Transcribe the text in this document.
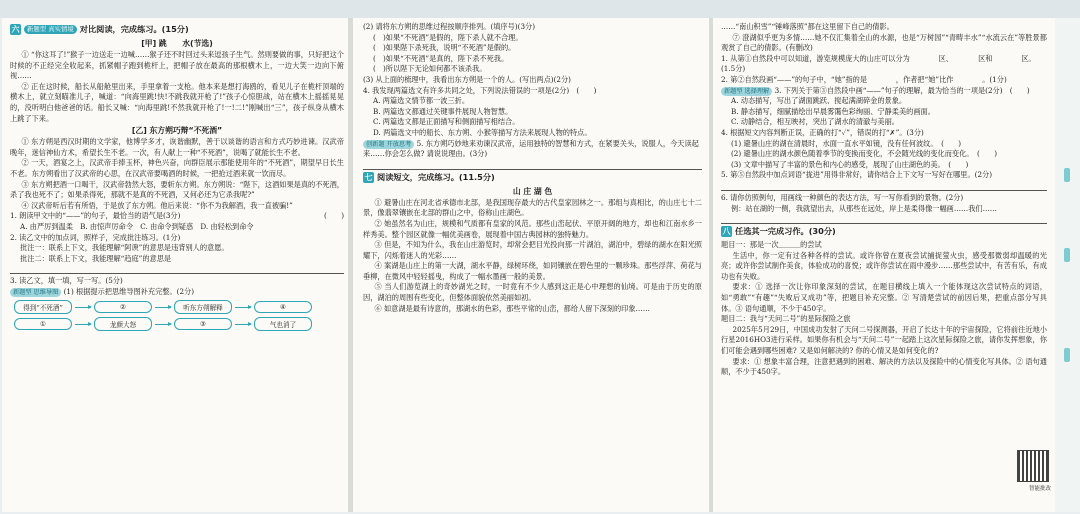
六	新题型 真实情境 对比阅读，完成练习。(15分)
[甲] 跳　　水(节选)

① “你这耳了!”猴子一边送走一边喊……猴子还不时回过头来逗孩子生气。然则要做的事，只好把这个时候的不正经完全收起来，抓紧帽子跑到桅杆上，把帽子放在最高的那根横木上，一边大笑一边向下俯视……

② 正在这时候，船长从船舱里出来，手里拿着一支枪。他本来是想打海鸥的，看见儿子在桅杆顶端的横木上，就立刻瞄准儿子，喊道：“向海里跳!快!不跳我就开枪了!”孩子心惊胆战，站在横木上摇摇晃晃的，没听明白他爸爸的话。船长又喊：“向海里跳!不然我就开枪了!一!二!”刚喊出“三”，孩子纵身从横木上跳了下来。

[乙] 东方朔巧辩“不死酒”

① 东方朔是西汉时期的文学家，他博学多才，诙谐幽默，善于以谈谐的语言和方式巧妙进谏。汉武帝晚年，迷信神仙方术，希望长生不老。一次，有人献上一种“不死酒”，说喝了就能长生不老。

② 一天，酒宴之上，汉武帝手捧玉杯，神色兴奋，向群臣展示那能使用年的“不死酒”，期望早日长生不老。东方朔看出了汉武帝的心思，在汉武帝要喝酒的时候，一把抢过酒来就一饮而尽。

③ 东方朔把酒一口喝干，汉武帝勃然大怒，要斩东方朔。东方朔说：“陛下，这酒如果是真的不死酒，杀了我也死不了；如果杀得死，那就不是真的不死酒，又何必还为它杀我呢?”

④ 汉武帝听后若有所悟，于是放了东方朔。他后来说：“你不为我解酒，我一直被骗!”

1. 朗读甲文中的“——”的句子，最恰当的语气是(3分)	(　　)

A. 由严厉到温柔　B. 由惊声厉命令　C. 由命令到疑惑　D. 由轻松到命令

2. 读乙文中的加点词，照样子，完成批注练习。(1分)

批注一：联系上下文，我能理解“阿谀”的意思是违背别人的意愿。

批注二：联系上下文，我能理解“趋庭”的意思是

3. 读乙文，填一填，写一写。(5分)

新题型 思维导图 (1) 根据提示把思维导图补充完整。(2分)

得到“不死酒”	②	听东方朔解释	④
①	龙颜大怒	③	气也消了

(2) 请将东方朔的思维过程按顺序排列。(填序号)(3分)

(　)如果“不死酒”是假的，陛下杀人就不合理。

(　)如果陛下杀死我，说明“不死酒”是假的。

(　)如果“不死酒”是真的，陛下杀不死我。

(　)所以陛下无论如何都不该杀我。

(3) 从上面的梳理中，我看出东方朔是一个的人。(写出两点)(2分)

4. 我发现两篇选文有许多共同之处，下列说法错误的一项是(2分)　(　　)

A. 两篇选文情节都一波三折。

B. 两篇选文都通过关键事件展现人物智慧。

C. 两篇选文都是正面描写和侧面描写相结合。

D. 两篇选文中的船长、东方朔、小猴等描写方法来展现人物的特点。

创新题 开放思考 5. 东方朔巧妙地来劝谏汉武帝，运用独特的智慧和方式，在紧要关头，说服人，今天读起来……你会怎么做? 请说说理由。(3分)

七 阅读短文，完成练习。(11.5分)
山 庄 湖 色

① 避暑山庄在河北省承德市北部，是我国现存最大的古代皇家园林之一。那组与真相比，的山庄七十二景，像翡翠镶嵌在北部的群山之中，俗称山庄湖色。

② 她虽然名为山庄，规模和气质都有皇家的风范。那些山峦起伏、平原开阔的地方，却也和江南水乡一样秀美。整个园区就像一幅优美画卷，展现着中国古典园林的独特魅力。

③ 但是，不知为什么，我在山庄游览时，却常会把目光投向那一片湖泊，湖泊中，碧绿的湖水在阳光照耀下，闪烁着迷人的光彩……

④ 案湖是山庄上的第一大湖，湖水平静，绿树环绕，如同镶嵌在碧色里的一颗珍珠。那些浮萍、荷花与垂柳，在微风中轻轻摇曳，构成了一幅水墨画一般的美景。

⑤ 当人们游览湖上的奇妙湖光之时，一时竟有不少人感到这正是心中理想的仙境。可是由于历史的原因，湖泊的周围有些变化，但整体面貌依然美丽如初。

⑥ 如意湖是最有诗意的，那湖水的色彩，那些平常的山峦，都给人留下深刻的印象……

……“南山积雪”“锤峰落照”都在这里留下自己的倩影。

⑦ 澄湖似乎更为多情……她不仅汇集着全山的水源，也是“万树园”“青畴丰水”“水流云在”等胜景都观赏了自己的倩影。(有删改)

1. 从第①自然段中可以知道，游览规模庞大的山庄可以分为　　　　区、　　　　区和　　　　区。(1.5分)

2. 第②自然段画“——”的句子中，“她”指的是　　　　，作者把“她”比作　　　　。(1分)

新题型 选择理解 3. 下列关于第③自然段中画“——”句子的理解，最为恰当的一项是(2分)　(　　)

A. 动态描写，写出了湖面跳跃、搅起满湖碎金的景象。

B. 静态描写，细腻描绘出早晨雾霭色彩绚丽、宁静柔美的画面。

C. 动静结合，相互映衬，突出了湖水的清澈与美丽。

4. 根据短文内容判断正误，正确的打“✓”，错误的打“✗”。(3分)

(1) 避暑山庄的湖在清晨时，水面一直水平如镜，没有任何波纹。　(　　)

(2) 避暑山庄的湖水颜色随着季节的变换而变化，不会随光线的变化而变化。　(　　)

(3) 文章中描写了丰富的景色和内心的感受，展现了山庄湖色的美。　(　　)

5. 第⑤自然段中加点词语“拢进”用得非常好，请你结合上下文写一写好在哪里。(2分)

6. 请你仿照例句，用画线一种颜色的表达方法，写一写你看到的景物。(2分)

例：站在湖的一侧，我就望出去，从那些在远处，岸上是柔得像一幅画……我们……

八 任选其一完成习作。(30分)

题目一：那是一次＿＿＿的尝试

生活中，你一定有过各种各样的尝试。或许你曾在夏夜尝试捕捉萤火虫，感受那微弱却温暖的光亮；或许你尝试制作美食，体验成功的喜悦；或许你尝试在雨中漫步……那些尝试中，有苦有乐，有成功也有失败。

要求：① 选择一次让你印象深刻的尝试，在题目横线上填入一个能体现这次尝试特点的词语，如“勇敢”“有趣”“失败后又成功”等，把题目补充完整。② 写清楚尝试的前因后果，把重点部分写具体。③ 语句通顺，不少于450字。

题目二：我与“天问二号”的星际探险之旅

2025年5月29日，中国成功发射了天问二号探测器，开启了长达十年的宇宙探险，它将前往近地小行星2016HO3进行采样。如果你有机会与“天问二号”一起踏上这次星际探险之旅，请你发挥想象，你们可能会遇到哪些困难? 又是如何解决的? 你的心情又是如何变化的?

要求：① 想象丰富合理，注意把遇到的困难、解决的方法以及探险中的心情变化写具体。② 语句通顺，不少于450字。

智能批改
